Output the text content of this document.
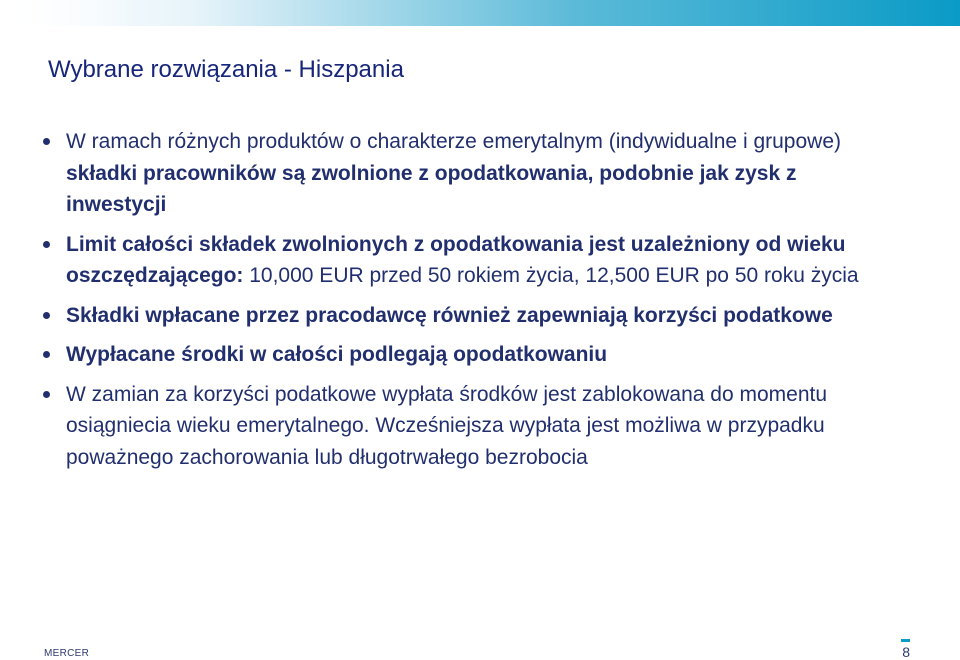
Wybrane rozwiązania - Hiszpania
W ramach różnych produktów o charakterze emerytalnym (indywidualne i grupowe) składki pracowników są zwolnione z opodatkowania, podobnie jak zysk z inwestycji
Limit całości składek zwolnionych z opodatkowania jest uzależniony od wieku oszczędzającego: 10,000 EUR przed 50 rokiem życia, 12,500 EUR po 50 roku życia
Składki wpłacane przez pracodawcę również zapewniają korzyści podatkowe
Wypłacane środki w całości podlegają opodatkowaniu
W zamian za korzyści podatkowe wypłata środków jest zablokowana do momentu osiągniecia wieku emerytalnego. Wcześniejsza wypłata jest możliwa w przypadku poważnego zachorowania lub długotrwałego bezrobocia
MERCER	8
